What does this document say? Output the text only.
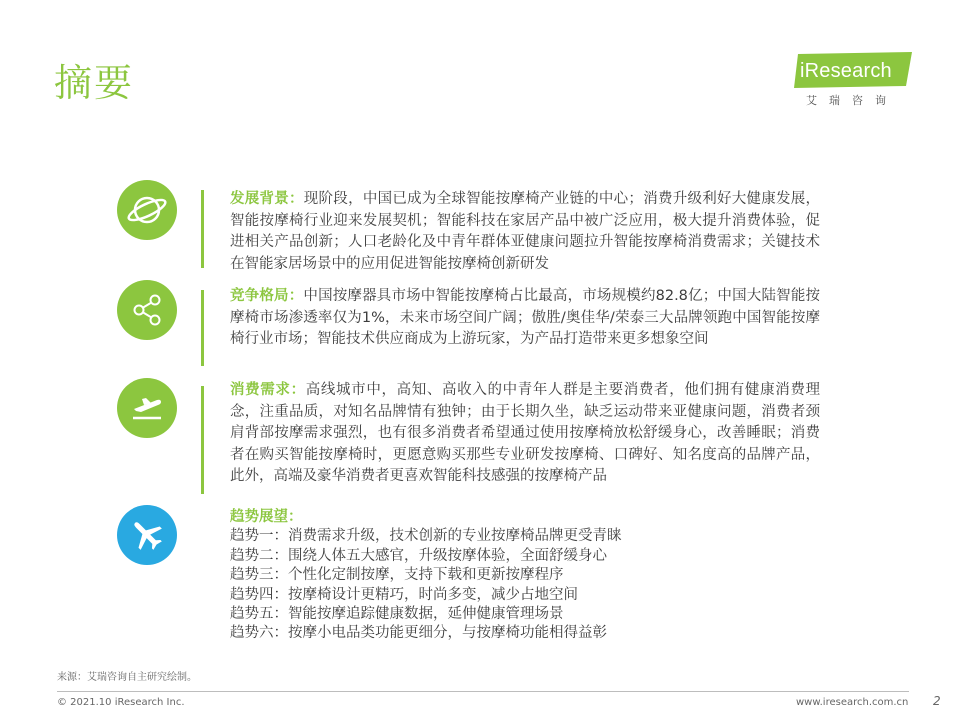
摘要	iResearch
艾瑞咨询
发展背景：现阶段，中国已成为全球智能按摩椅产业链的中心；消费升级利好大健康发展，智能按摩椅行业迎来发展契机；智能科技在家居产品中被广泛应用，极大提升消费体验，促进相关产品创新；人口老龄化及中青年群体亚健康问题拉升智能按摩椅消费需求；关键技术在智能家居场景中的应用促进智能按摩椅创新研发
竞争格局：中国按摩器具市场中智能按摩椅占比最高，市场规模约82.8亿；中国大陆智能按摩椅市场渗透率仅为1%，未来市场空间广阔；傲胜/奥佳华/荣泰三大品牌领跑中国智能按摩椅行业市场；智能技术供应商成为上游玩家，为产品打造带来更多想象空间
消费需求：高线城市中，高知、高收入的中青年人群是主要消费者，他们拥有健康消费理念，注重品质，对知名品牌情有独钟；由于长期久坐，缺乏运动带来亚健康问题，消费者颈肩背部按摩需求强烈，也有很多消费者希望通过使用按摩椅放松舒缓身心，改善睡眠；消费者在购买智能按摩椅时，更愿意购买那些专业研发按摩椅、口碑好、知名度高的品牌产品，此外，高端及豪华消费者更喜欢智能科技感强的按摩椅产品
趋势展望：
趋势一：消费需求升级，技术创新的专业按摩椅品牌更受青睐
趋势二：围绕人体五大感官，升级按摩体验，全面舒缓身心
趋势三：个性化定制按摩，支持下载和更新按摩程序
趋势四：按摩椅设计更精巧，时尚多变，减少占地空间
趋势五：智能按摩追踪健康数据，延伸健康管理场景
趋势六：按摩小电品类功能更细分，与按摩椅功能相得益彰
来源：艾瑞咨询自主研究绘制。
© 2021.10 iResearch Inc.	www.iresearch.com.cn 2
